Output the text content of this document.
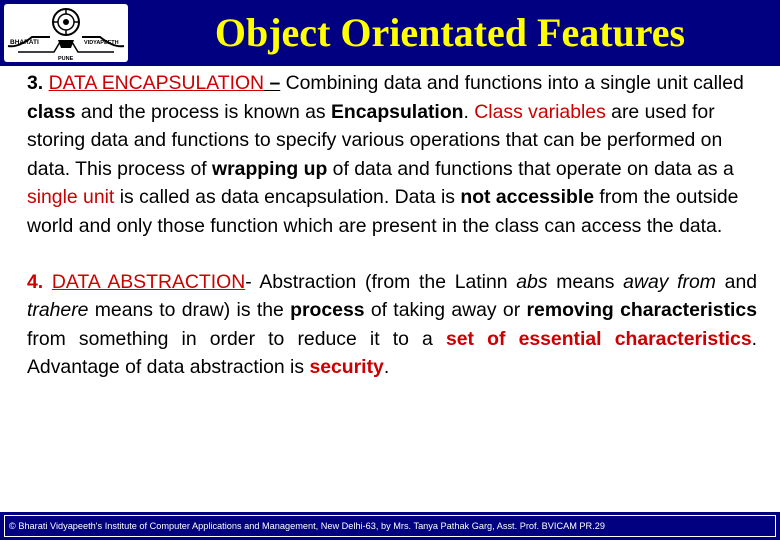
BHARATI	VIDYAPEETH
PUNE
Object Orientated Features

3. DATA ENCAPSULATION – Combining data and functions into a single unit called class and the process is known as Encapsulation. Class variables are used for storing data and functions to specify various operations that can be performed on data. This process of wrapping up of data and functions that operate on data as a single unit is called as data encapsulation. Data is not accessible from the outside world and only those function which are present in the class can access the data.

4. DATA ABSTRACTION- Abstraction (from the Latinn abs means away from and trahere means to draw) is the process of taking away or removing characteristics from something in order to reduce it to a set of essential characteristics. Advantage of data abstraction is security.

© Bharati Vidyapeeth's Institute of Computer Applications and Management, New Delhi-63, by Mrs. Tanya Pathak Garg, Asst. Prof. BVICAM PR.29
